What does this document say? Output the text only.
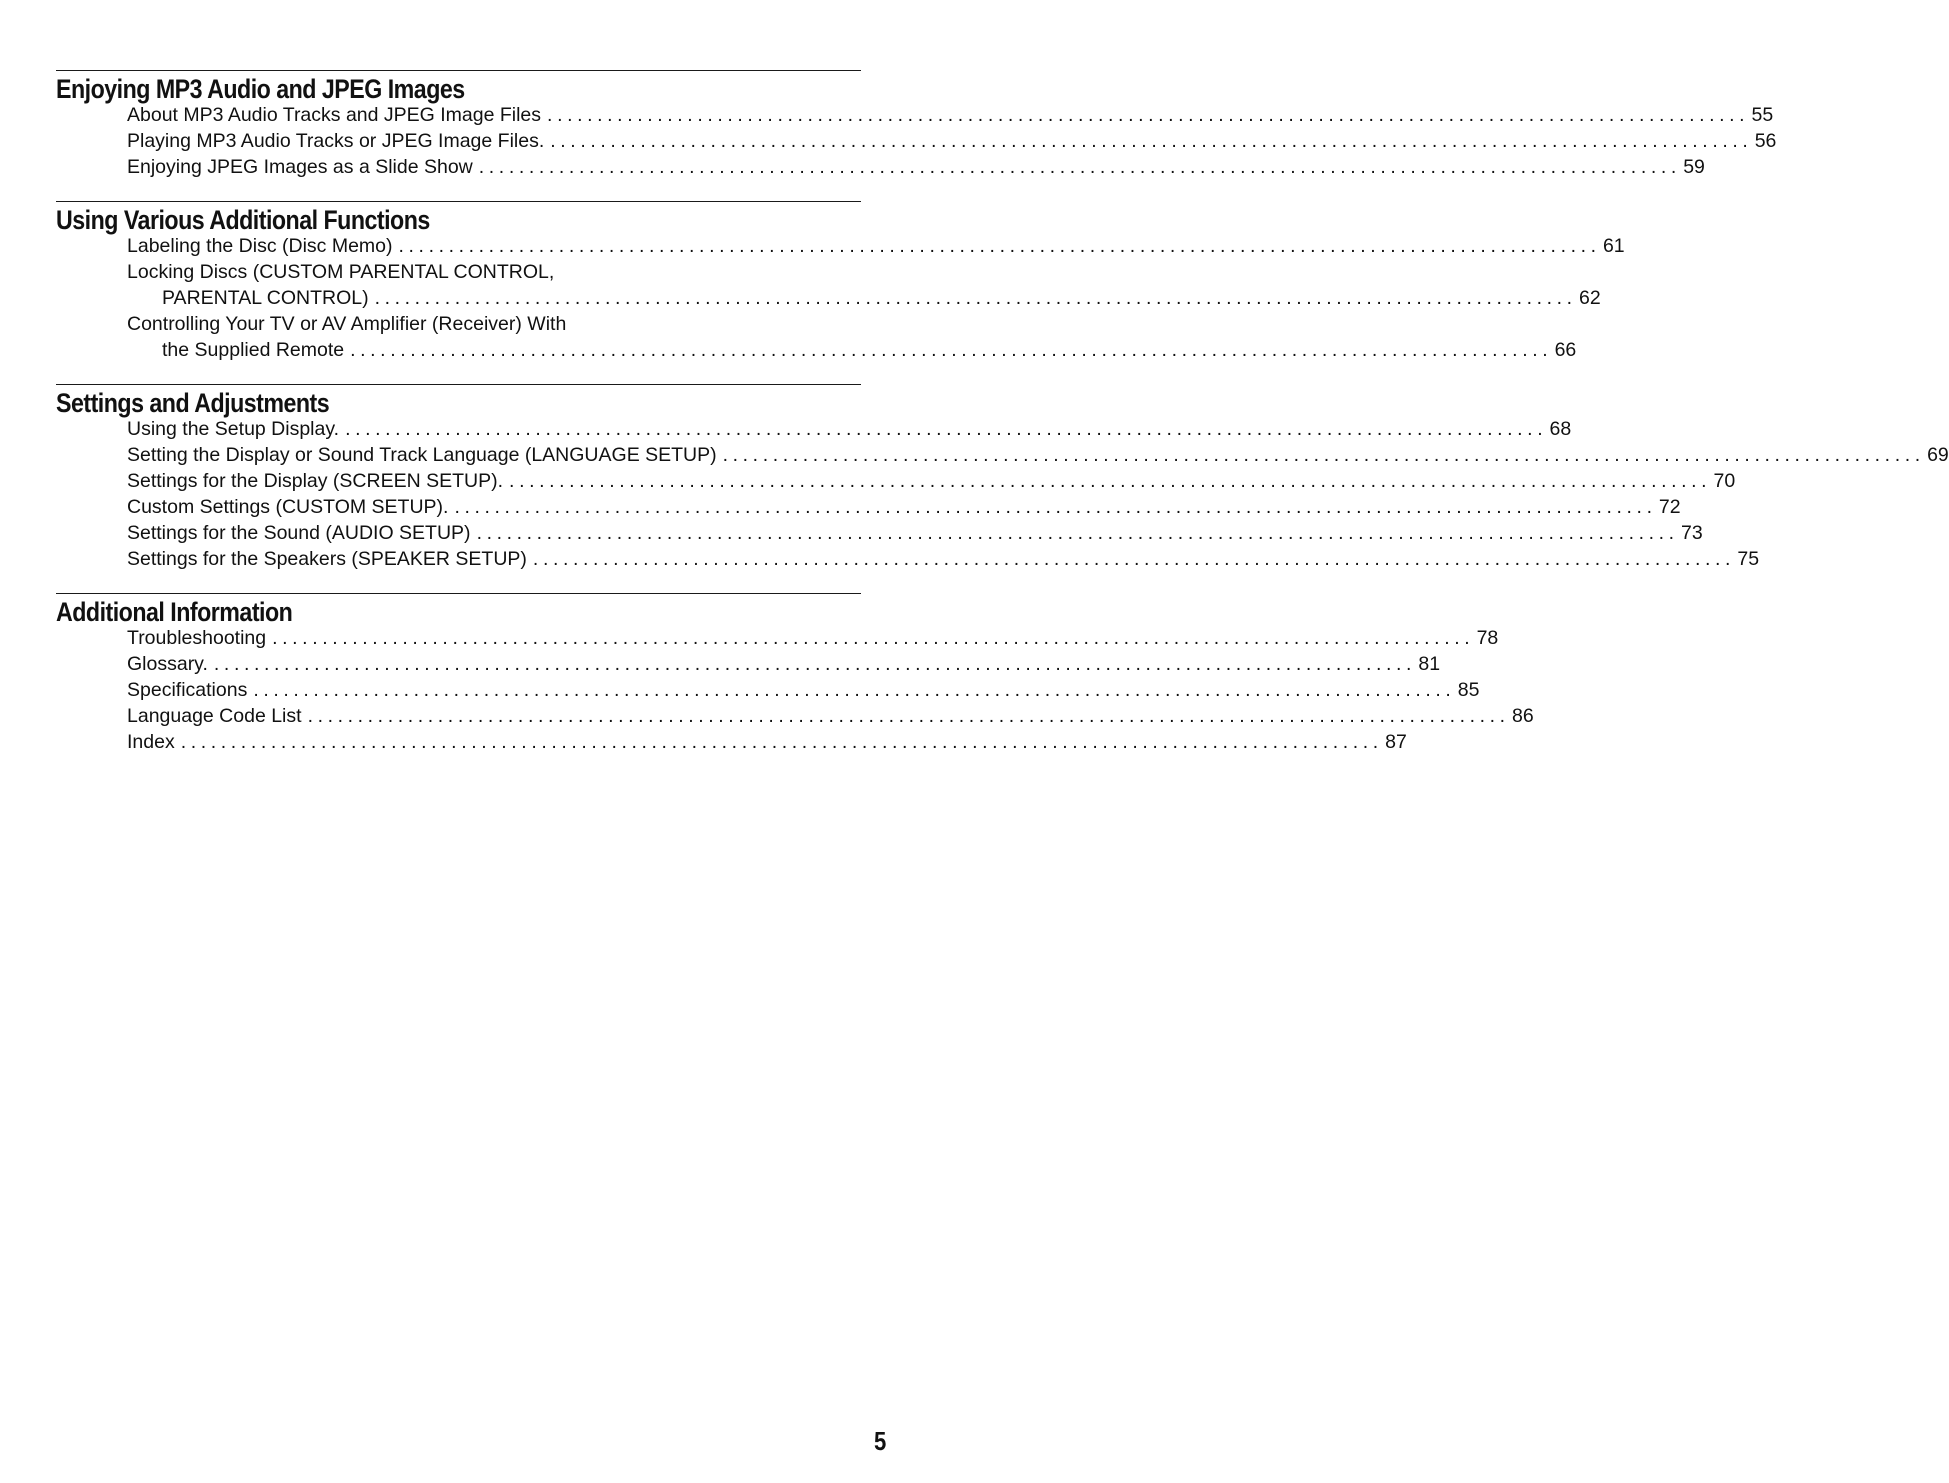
Enjoying MP3 Audio and JPEG Images
About MP3 Audio Tracks and JPEG Image Files ........................................................................................................................ 55
Playing MP3 Audio Tracks or JPEG Image Files. ........................................................................................................................ 56
Enjoying JPEG Images as a Slide Show ........................................................................................................................ 59
Using Various Additional Functions
Labeling the Disc (Disc Memo) ........................................................................................................................ 61
Locking Discs (CUSTOM PARENTAL CONTROL,
PARENTAL CONTROL) ........................................................................................................................ 62
Controlling Your TV or AV Amplifier (Receiver) With
the Supplied Remote ........................................................................................................................ 66
Settings and Adjustments
Using the Setup Display. ........................................................................................................................ 68
Setting the Display or Sound Track Language (LANGUAGE SETUP) ........................................................................................................................ 69
Settings for the Display (SCREEN SETUP). ........................................................................................................................ 70
Custom Settings (CUSTOM SETUP). ........................................................................................................................ 72
Settings for the Sound (AUDIO SETUP) ........................................................................................................................ 73
Settings for the Speakers (SPEAKER SETUP) ........................................................................................................................ 75
Additional Information
Troubleshooting ........................................................................................................................ 78
Glossary. ........................................................................................................................ 81
Specifications ........................................................................................................................ 85
Language Code List ........................................................................................................................ 86
Index ........................................................................................................................ 87
5
